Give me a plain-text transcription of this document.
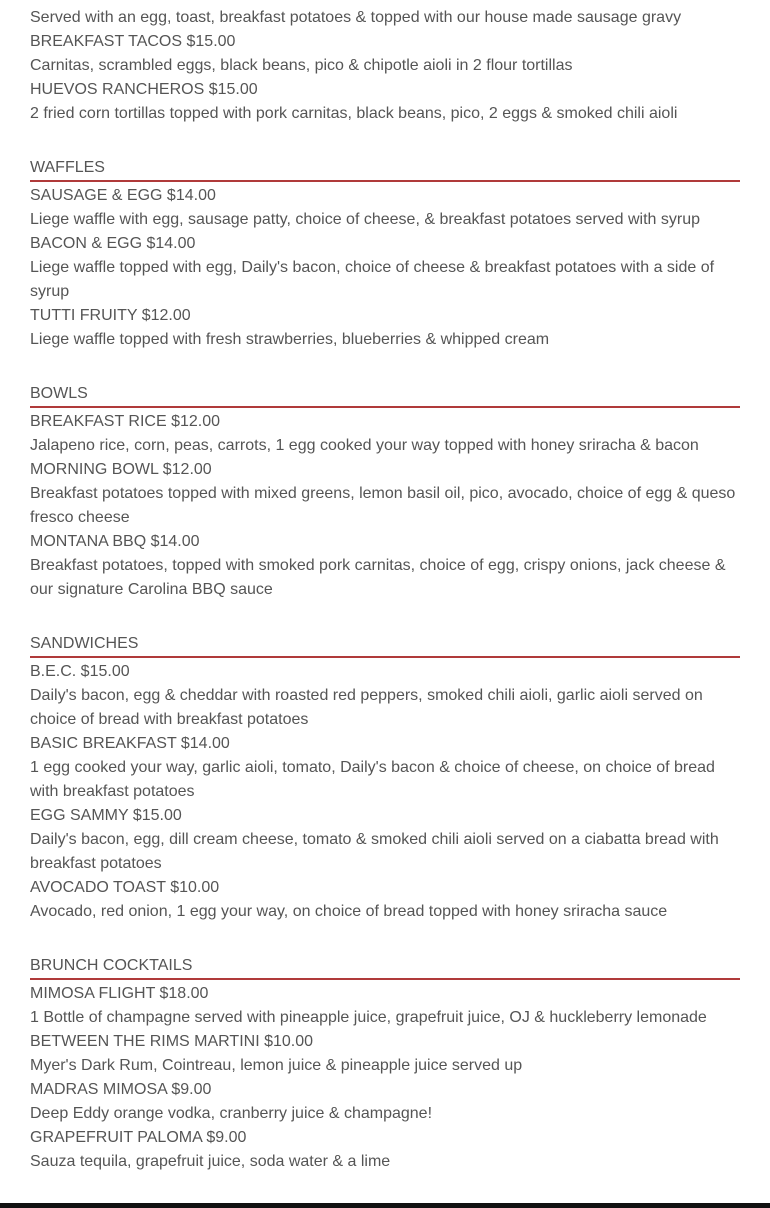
Served with an egg, toast, breakfast potatoes & topped with our house made sausage gravy

BREAKFAST TACOS $15.00

Carnitas, scrambled eggs, black beans, pico & chipotle aioli in 2 flour tortillas

HUEVOS RANCHEROS $15.00

2 fried corn tortillas topped with pork carnitas, black beans, pico, 2 eggs & smoked chili aioli

WAFFLES

SAUSAGE & EGG $14.00

Liege waffle with egg, sausage patty, choice of cheese, & breakfast potatoes served with syrup

BACON & EGG $14.00

Liege waffle topped with egg, Daily's bacon, choice of cheese & breakfast potatoes with a side of syrup

TUTTI FRUITY $12.00

Liege waffle topped with fresh strawberries, blueberries & whipped cream

BOWLS

BREAKFAST RICE $12.00

Jalapeno rice, corn, peas, carrots, 1 egg cooked your way topped with honey sriracha & bacon

MORNING BOWL $12.00

Breakfast potatoes topped with mixed greens, lemon basil oil, pico, avocado, choice of egg & queso fresco cheese

MONTANA BBQ $14.00

Breakfast potatoes, topped with smoked pork carnitas, choice of egg, crispy onions, jack cheese & our signature Carolina BBQ sauce

SANDWICHES

B.E.C. $15.00

Daily's bacon, egg & cheddar with roasted red peppers, smoked chili aioli, garlic aioli served on choice of bread with breakfast potatoes

BASIC BREAKFAST $14.00

1 egg cooked your way, garlic aioli, tomato, Daily's bacon & choice of cheese, on choice of bread with breakfast potatoes

EGG SAMMY $15.00

Daily's bacon, egg, dill cream cheese, tomato & smoked chili aioli served on a ciabatta bread with breakfast potatoes

AVOCADO TOAST $10.00

Avocado, red onion, 1 egg your way, on choice of bread topped with honey sriracha sauce

BRUNCH COCKTAILS

MIMOSA FLIGHT $18.00

1 Bottle of champagne served with pineapple juice, grapefruit juice, OJ & huckleberry lemonade

BETWEEN THE RIMS MARTINI $10.00

Myer's Dark Rum, Cointreau, lemon juice & pineapple juice served up

MADRAS MIMOSA $9.00

Deep Eddy orange vodka, cranberry juice & champagne!

GRAPEFRUIT PALOMA $9.00

Sauza tequila, grapefruit juice, soda water & a lime
